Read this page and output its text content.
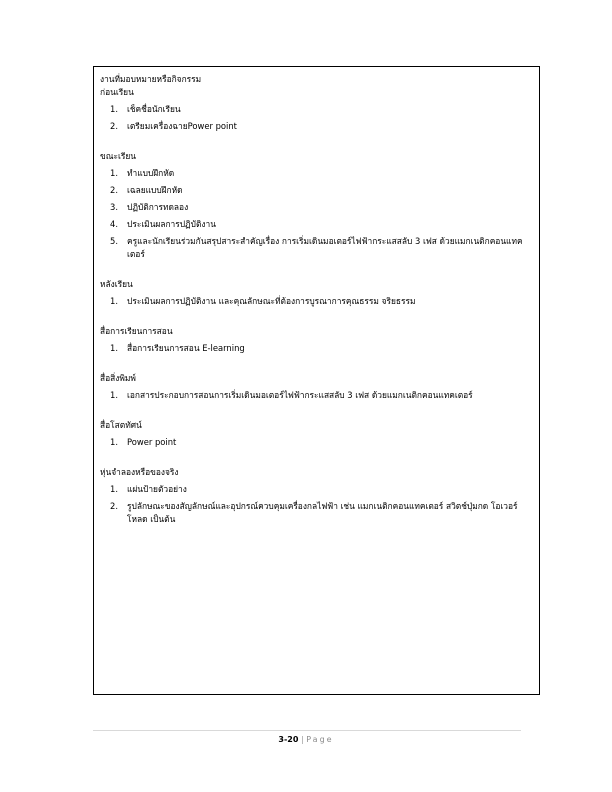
งานที่มอบหมายหรือกิจกรรม
ก่อนเรียน
1.	เช็คชื่อนักเรียน
2.	เตรียมเครื่องฉายPower point
ขณะเรียน
1.	ทำแบบฝึกหัด
2.	เฉลยแบบฝึกหัด
3.	ปฏิบัติการทดลอง
4.	ประเมินผลการปฏิบัติงาน
5.	ครูและนักเรียนร่วมกันสรุปสาระสำคัญเรื่อง การเริ่มเดินมอเตอร์ไฟฟ้ากระแสสลับ 3 เฟส ด้วยแมกเนติกคอนแทคเตอร์
หลังเรียน
1.	ประเมินผลการปฏิบัติงาน และคุณลักษณะที่ต้องการบูรณาการคุณธรรม จริยธรรม
สื่อการเรียนการสอน
1.	สื่อการเรียนการสอน E-learning
สื่อสิ่งพิมพ์
1.	เอกสารประกอบการสอนการเริ่มเดินมอเตอร์ไฟฟ้ากระแสสลับ 3 เฟส ด้วยแมกเนติกคอนแทคเตอร์
สื่อโสตทัศน์
1.	Power point
หุ่นจำลองหรือของจริง
1.	แผ่นป้ายตัวอย่าง
2.	รูปลักษณะของสัญลักษณ์และอุปกรณ์ควบคุมเครื่องกลไฟฟ้า เช่น แมกเนติกคอนแทคเตอร์ สวิตช์ปุ่มกด โอเวอร์โหลด เป็นต้น
3-20 | Page
